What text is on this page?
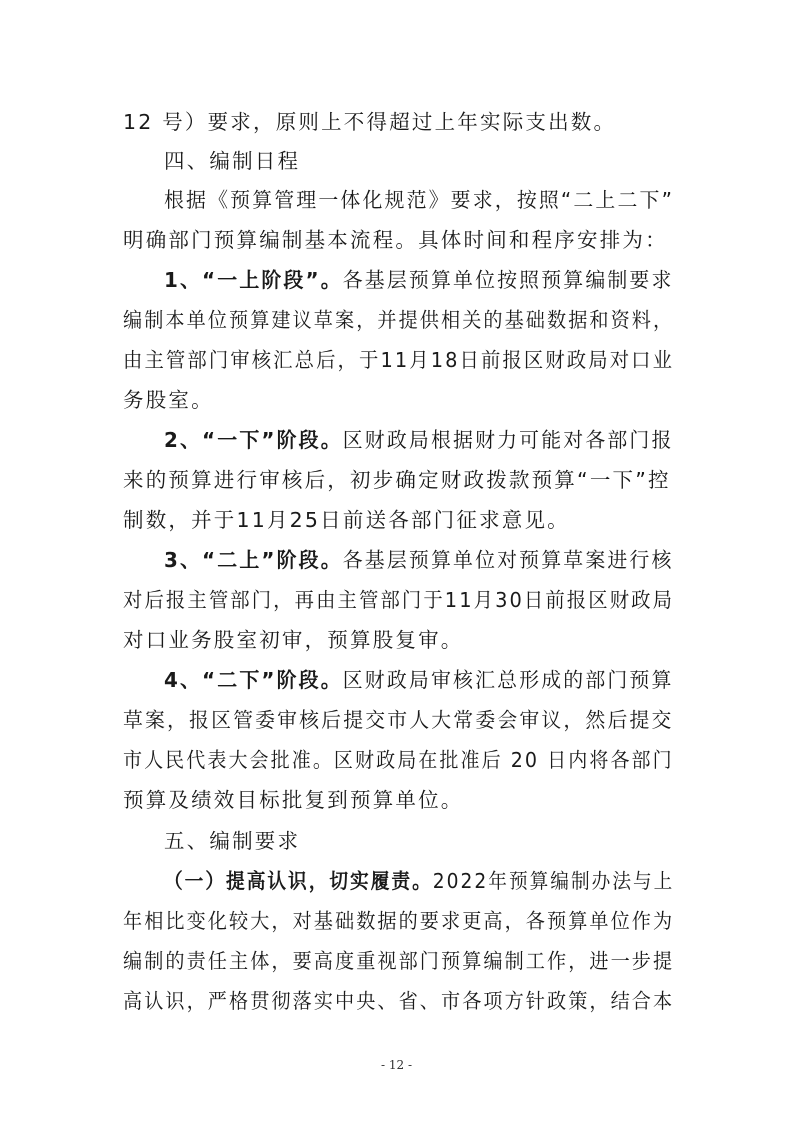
12 号）要求，原则上不得超过上年实际支出数。
四、编制日程
根据《预算管理一体化规范》要求，按照“二上二下”
明确部门预算编制基本流程。具体时间和程序安排为：
1、“一上阶段”。各基层预算单位按照预算编制要求
编制本单位预算建议草案，并提供相关的基础数据和资料，
由主管部门审核汇总后，于11月18日前报区财政局对口业
务股室。
2、“一下”阶段。区财政局根据财力可能对各部门报
来的预算进行审核后，初步确定财政拨款预算“一下”控
制数，并于11月25日前送各部门征求意见。
3、“二上”阶段。各基层预算单位对预算草案进行核
对后报主管部门，再由主管部门于11月30日前报区财政局
对口业务股室初审，预算股复审。
4、“二下”阶段。区财政局审核汇总形成的部门预算
草案，报区管委审核后提交市人大常委会审议，然后提交
市人民代表大会批准。区财政局在批准后 20 日内将各部门
预算及绩效目标批复到预算单位。
五、编制要求
（一）提高认识，切实履责。2022年预算编制办法与上
年相比变化较大，对基础数据的要求更高，各预算单位作为
编制的责任主体，要高度重视部门预算编制工作，进一步提
高认识，严格贯彻落实中央、省、市各项方针政策，结合本
- 12 -
